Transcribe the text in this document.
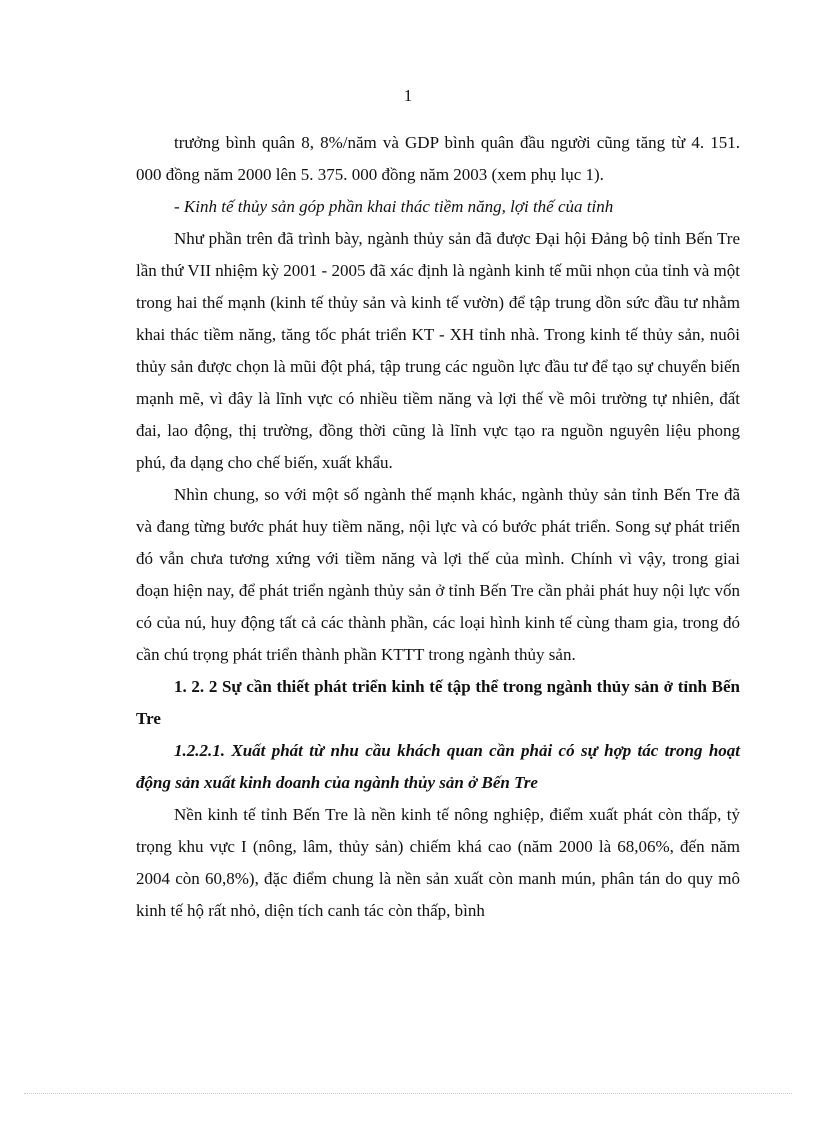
1

trưởng bình quân 8, 8%/năm và GDP bình quân đầu người cũng tăng từ 4. 151. 000 đồng năm 2000 lên 5. 375. 000 đồng năm 2003 (xem phụ lục 1).

- Kinh tế thủy sản góp phần khai thác tiềm năng, lợi thế của tỉnh

Như phần trên đã trình bày, ngành thủy sản đã được Đại hội Đảng bộ tỉnh Bến Tre lần thứ VII nhiệm kỳ 2001 - 2005 đã xác định là ngành kinh tế mũi nhọn của tỉnh và một trong hai thế mạnh (kinh tế thủy sản và kinh tế vườn) để tập trung dồn sức đầu tư nhằm khai thác tiềm năng, tăng tốc phát triển KT - XH tỉnh nhà. Trong kinh tế thủy sản, nuôi thủy sản được chọn là mũi đột phá, tập trung các nguồn lực đầu tư để tạo sự chuyển biến mạnh mẽ, vì đây là lĩnh vực có nhiều tiềm năng và lợi thế về môi trường tự nhiên, đất đai, lao động, thị trường, đồng thời cũng là lĩnh vực tạo ra nguồn nguyên liệu phong phú, đa dạng cho chế biến, xuất khẩu.

Nhìn chung, so với một số ngành thế mạnh khác, ngành thủy sản tỉnh Bến Tre đã và đang từng bước phát huy tiềm năng, nội lực và có bước phát triển. Song sự phát triển đó vẫn chưa tương xứng với tiềm năng và lợi thế của mình. Chính vì vậy, trong giai đoạn hiện nay, để phát triển ngành thủy sản ở tỉnh Bến Tre cần phải phát huy nội lực vốn có của nú, huy động tất cả các thành phần, các loại hình kinh tế cùng tham gia, trong đó cần chú trọng phát triển thành phần KTTT trong ngành thủy sản.

1. 2. 2 Sự cần thiết phát triển kinh tế tập thể trong ngành thủy sản ở tỉnh Bến Tre

1.2.2.1. Xuất phát từ nhu cầu khách quan cần phải có sự hợp tác trong hoạt động sản xuất kinh doanh của ngành thủy sản ở Bến Tre

Nền kinh tế tỉnh Bến Tre là nền kinh tế nông nghiệp, điểm xuất phát còn thấp, tỷ trọng khu vực I (nông, lâm, thủy sản) chiếm khá cao (năm 2000 là 68,06%, đến năm 2004 còn 60,8%), đặc điểm chung là nền sản xuất còn manh mún, phân tán do quy mô kinh tế hộ rất nhỏ, diện tích canh tác còn thấp, bình
